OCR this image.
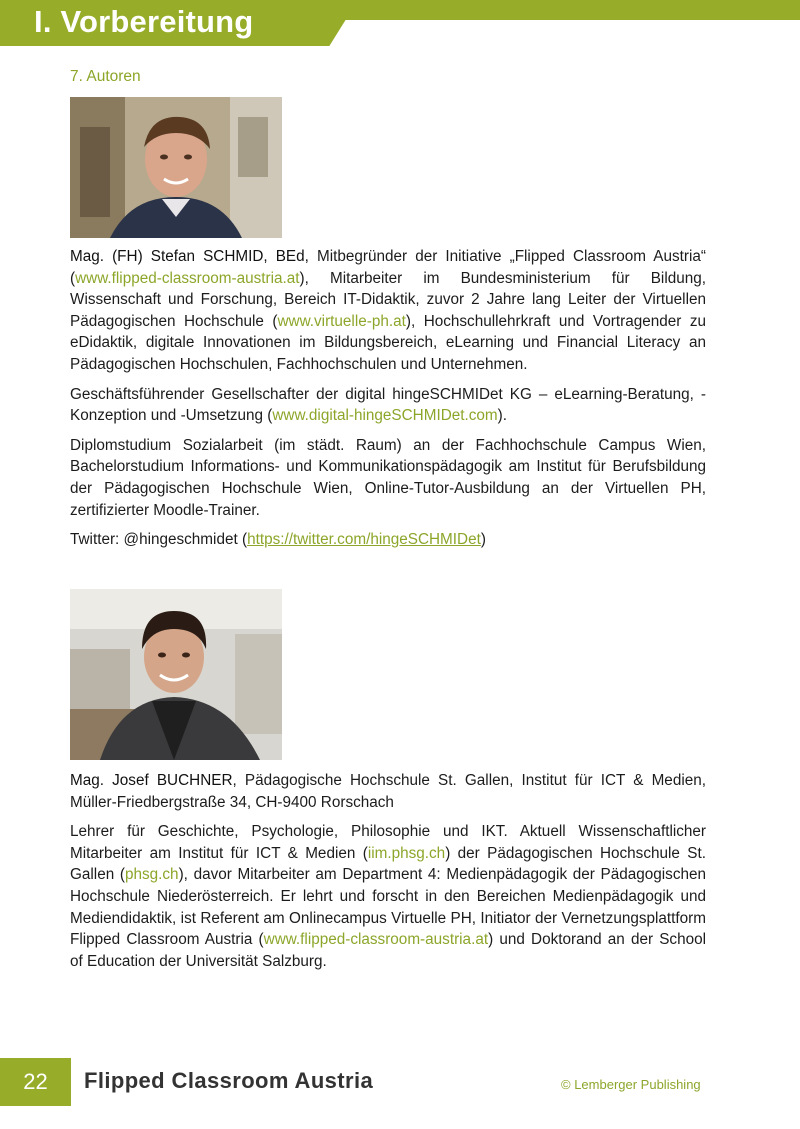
I. Vorbereitung
7. Autoren

Mag. (FH) Stefan SCHMID, BEd, Mitbegründer der Initiative „Flipped Classroom Austria“ (www.flipped-classroom-austria.at), Mitarbeiter im Bundesministerium für Bildung, Wissenschaft und Forschung, Bereich IT-Didaktik, zuvor 2 Jahre lang Leiter der Virtuellen Pädagogischen Hochschule (www.virtuelle-ph.at), Hochschullehrkraft und Vortragender zu eDidaktik, digitale Innovationen im Bildungsbereich, eLearning und Financial Literacy an Pädagogischen Hochschulen, Fachhochschulen und Unternehmen.

Geschäftsführender Gesellschafter der digital hingeSCHMIDet KG – eLearning-Beratung, -Konzeption und -Umsetzung (www.digital-hingeSCHMIDet.com).

Diplomstudium Sozialarbeit (im städt. Raum) an der Fachhochschule Campus Wien, Bachelorstudium Informations- und Kommunikationspädagogik am Institut für Berufsbildung der Pädagogischen Hochschule Wien, Online-Tutor-Ausbildung an der Virtuellen PH, zertifizierter Moodle-Trainer.

Twitter: @hingeschmidet (https://twitter.com/hingeSCHMIDet)

Mag. Josef BUCHNER, Pädagogische Hochschule St. Gallen, Institut für ICT & Medien, Müller-Friedbergstraße 34, CH-9400 Rorschach

Lehrer für Geschichte, Psychologie, Philosophie und IKT. Aktuell Wissenschaftlicher Mitarbeiter am Institut für ICT & Medien (iim.phsg.ch) der Pädagogischen Hochschule St. Gallen (phsg.ch), davor Mitarbeiter am Department 4: Medienpädagogik der Pädagogischen Hochschule Niederösterreich. Er lehrt und forscht in den Bereichen Medienpädagogik und Mediendidaktik, ist Referent am Onlinecampus Virtuelle PH, Initiator der Vernetzungsplattform Flipped Classroom Austria (www.flipped-classroom-austria.at) und Doktorand an der School of Education der Universität Salzburg.

22	Flipped Classroom Austria	© Lemberger Publishing
